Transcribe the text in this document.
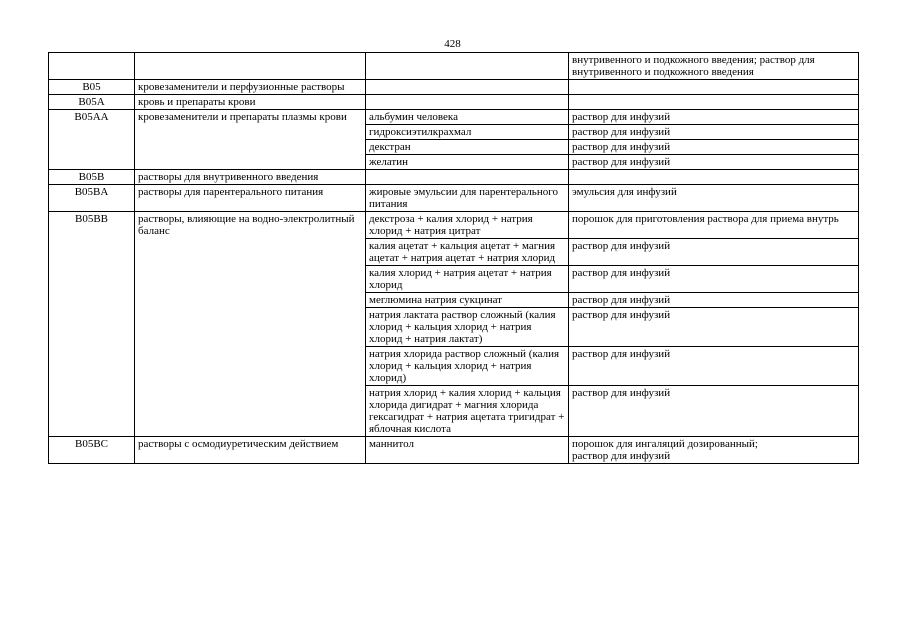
428
			внутривенного и подкожного введения; раствор для внутривенного и подкожного введения
B05	кровезаменители и перфузионные растворы		
B05A	кровь и препараты крови		
B05AA	кровезаменители и препараты плазмы крови	альбумин человека	раствор для инфузий
		гидроксиэтилкрахмал	раствор для инфузий
		декстран	раствор для инфузий
		желатин	раствор для инфузий
B05B	растворы для внутривенного введения		
B05BA	растворы для парентерального питания	жировые эмульсии для парентерального питания	эмульсия для инфузий
B05BB	растворы, влияющие на водно-электролитный баланс	декстроза + калия хлорид + натрия хлорид + натрия цитрат	порошок для приготовления раствора для приема внутрь
		калия ацетат + кальция ацетат + магния ацетат + натрия ацетат + натрия хлорид	раствор для инфузий
		калия хлорид + натрия ацетат + натрия хлорид	раствор для инфузий
		меглюмина натрия сукцинат	раствор для инфузий
		натрия лактата раствор сложный (калия хлорид + кальция хлорид + натрия хлорид + натрия лактат)	раствор для инфузий
		натрия хлорида раствор сложный (калия хлорид + кальция хлорид + натрия хлорид)	раствор для инфузий
		натрия хлорид + калия хлорид + кальция хлорида дигидрат + магния хлорида гексагидрат + натрия ацетата тригидрат + яблочная кислота	раствор для инфузий
B05BC	растворы с осмодиуретическим действием	маннитол	порошок для ингаляций дозированный;
раствор для инфузий
